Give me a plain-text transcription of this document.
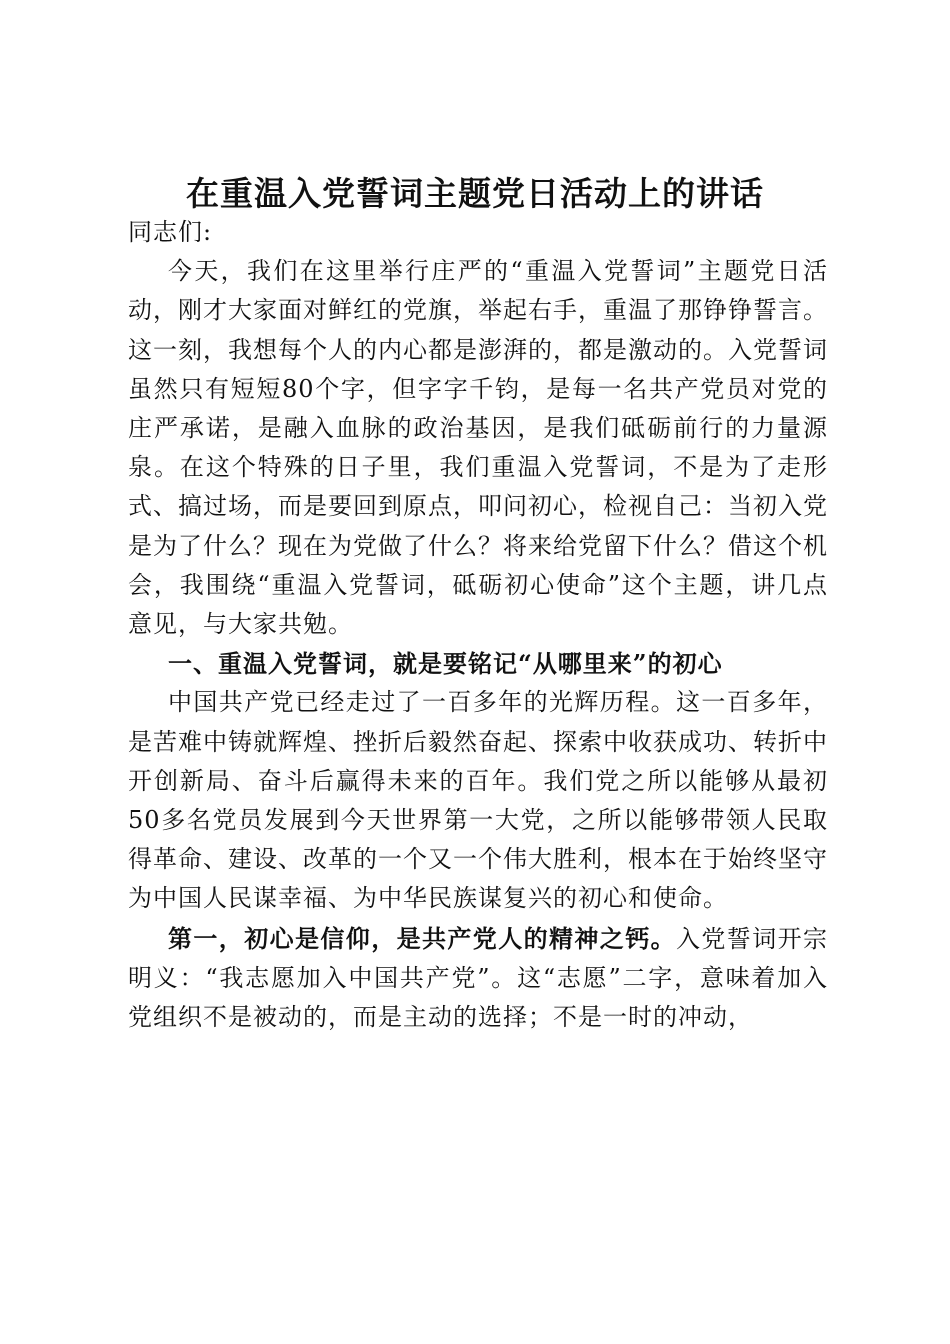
在重温入党誓词主题党日活动上的讲话

同志们:

今天，我们在这里举行庄严的“重温入党誓词”主题党日活动，刚才大家面对鲜红的党旗，举起右手，重温了那铮铮誓言。这一刻，我想每个人的内心都是澎湃的，都是激动的。入党誓词虽然只有短短80个字，但字字千钧，是每一名共产党员对党的庄严承诺，是融入血脉的政治基因，是我们砥砺前行的力量源泉。在这个特殊的日子里，我们重温入党誓词，不是为了走形式、搞过场，而是要回到原点，叩问初心，检视自己：当初入党是为了什么？现在为党做了什么？将来给党留下什么？借这个机会，我围绕“重温入党誓词，砥砺初心使命”这个主题，讲几点意见，与大家共勉。

一、重温入党誓词，就是要铭记“从哪里来”的初心

中国共产党已经走过了一百多年的光辉历程。这一百多年，是苦难中铸就辉煌、挫折后毅然奋起、探索中收获成功、转折中开创新局、奋斗后赢得未来的百年。我们党之所以能够从最初50多名党员发展到今天世界第一大党，之所以能够带领人民取得革命、建设、改革的一个又一个伟大胜利，根本在于始终坚守为中国人民谋幸福、为中华民族谋复兴的初心和使命。

第一，初心是信仰，是共产党人的精神之钙。入党誓词开宗明义：“我志愿加入中国共产党”。这“志愿”二字，意味着加入党组织不是被动的，而是主动的选择；不是一时的冲动，
